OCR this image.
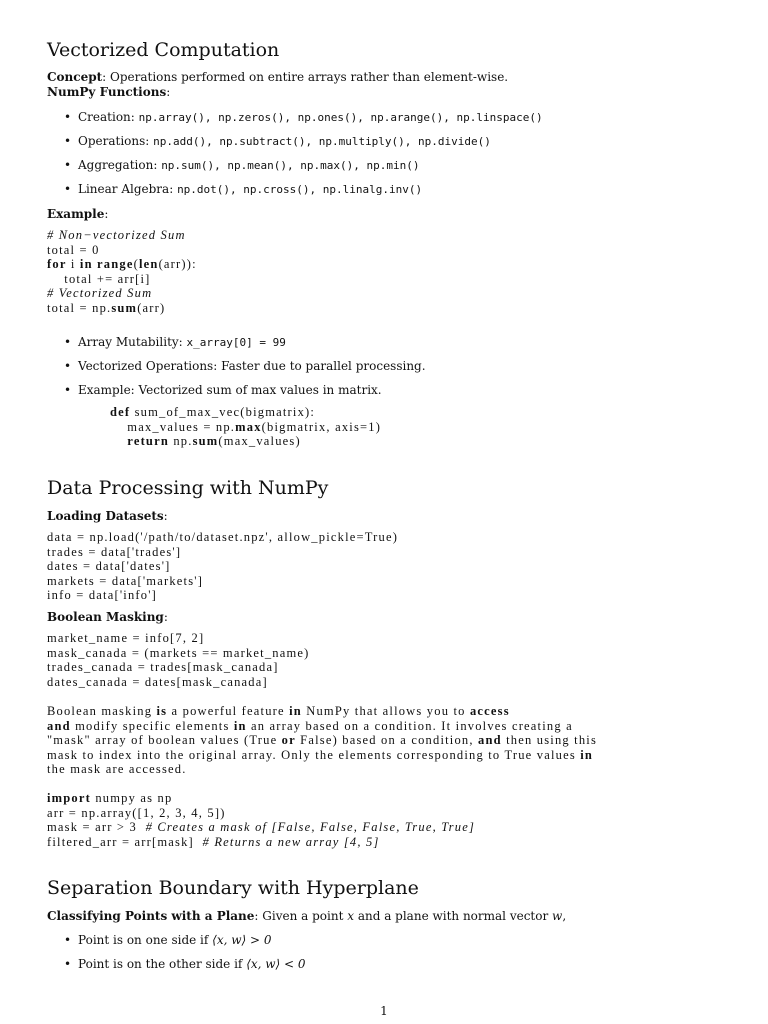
Vectorized Computation
Concept: Operations performed on entire arrays rather than element-wise.
NumPy Functions:
• Creation: np.array(), np.zeros(), np.ones(), np.arange(), np.linspace()
• Operations: np.add(), np.subtract(), np.multiply(), np.divide()
• Aggregation: np.sum(), np.mean(), np.max(), np.min()
• Linear Algebra: np.dot(), np.cross(), np.linalg.inv()
Example:
# Non−vectorized Sum
total = 0
for i in range(len(arr)):
total += arr[i]
# Vectorized Sum
total = np.sum(arr)
• Array Mutability: x_array[0] = 99
• Vectorized Operations: Faster due to parallel processing.
• Example: Vectorized sum of max values in matrix.
def sum_of_max_vec(bigmatrix):
max_values = np.max(bigmatrix, axis=1)
return np.sum(max_values)
Data Processing with NumPy
Loading Datasets:
data = np.load('/path/to/dataset.npz', allow_pickle=True)
trades = data['trades']
dates = data['dates']
markets = data['markets']
info = data['info']
Boolean Masking:
market_name = info[7, 2]
mask_canada = (markets == market_name)
trades_canada = trades[mask_canada]
dates_canada = dates[mask_canada]
Boolean masking is a powerful feature in NumPy that allows you to access
and modify specific elements in an array based on a condition. It involves creating a
"mask" array of boolean values (True or False) based on a condition, and then using this
mask to index into the original array. Only the elements corresponding to True values in
the mask are accessed.
import numpy as np
arr = np.array([1, 2, 3, 4, 5])
mask = arr > 3  # Creates a mask of [False, False, False, True, True]
filtered_arr = arr[mask]  # Returns a new array [4, 5]
Separation Boundary with Hyperplane
Classifying Points with a Plane: Given a point x and a plane with normal vector w,
• Point is on one side if ⟨x, w⟩ > 0
• Point is on the other side if ⟨x, w⟩ < 0
1
